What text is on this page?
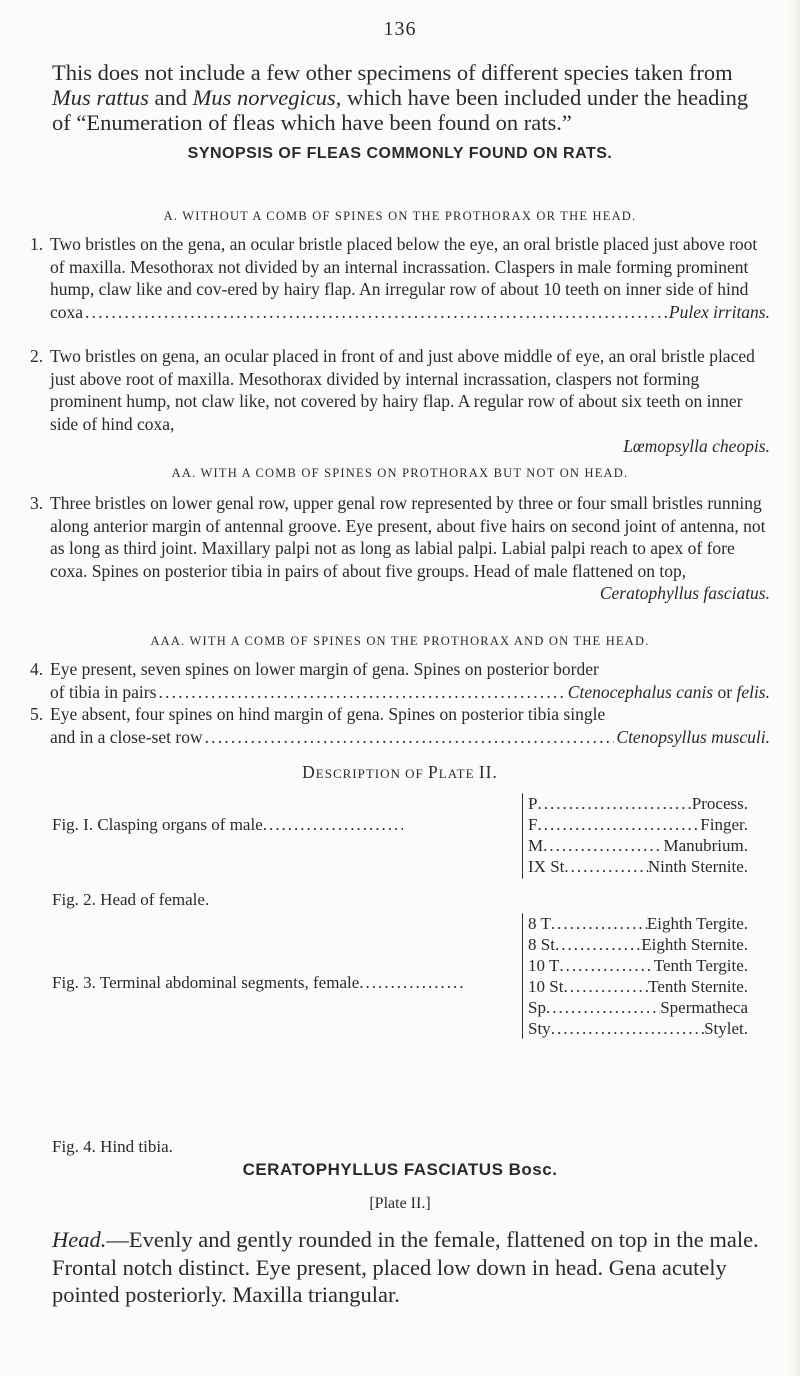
136

This does not include a few other specimens of different species taken from Mus rattus and Mus norvegicus, which have been included under the heading of “Enumeration of fleas which have been found on rats.”

SYNOPSIS OF FLEAS COMMONLY FOUND ON RATS.
A. WITHOUT A COMB OF SPINES ON THE PROTHORAX OR THE HEAD.
1. Two bristles on the gena, an ocular bristle placed below the eye, an oral bristle placed just above root of maxilla. Mesothorax not divided by an internal incrassation. Claspers in male forming prominent hump, claw like and cov-ered by hairy flap. An irregular row of about 10 teeth on inner side of hind
coxa .....	Pulex irritans.
2. Two bristles on gena, an ocular placed in front of and just above middle of eye, an oral bristle placed just above root of maxilla. Mesothorax divided by internal incrassation, claspers not forming prominent hump, not claw like, not covered by hairy flap. A regular row of about six teeth on inner side of hind coxa,
Lœmopsylla cheopis.
AA. WITH A COMB OF SPINES ON PROTHORAX BUT NOT ON HEAD.
3. Three bristles on lower genal row, upper genal row represented by three or four small bristles running along anterior margin of antennal groove. Eye present, about five hairs on second joint of antenna, not as long as third joint. Maxillary palpi not as long as labial palpi. Labial palpi reach to apex of fore coxa. Spines on posterior tibia in pairs of about five groups. Head of male flattened on top,
Ceratophyllus fasciatus.
AAA. WITH A COMB OF SPINES ON THE PROTHORAX AND ON THE HEAD.
4. Eye present, seven spines on lower margin of gena. Spines on posterior border
of tibia in pairs .....	Ctenocephalus canis or felis.
5. Eye absent, four spines on hind margin of gena. Spines on posterior tibia single
and in a close-set row .....	Ctenopsyllus musculi.
DESCRIPTION OF PLATE II.
Fig. I. Clasping organs of male.....
P .....	Process.
F .....	Finger.
M .....	Manubrium.
IX St .....	Ninth Sternite.
Fig. 2. Head of female.
Fig. 3. Terminal abdominal segments, female.....
8 T .....	Eighth Tergite.
8 St .....	Eighth Sternite.
10 T .....	Tenth Tergite.
10 St .....	Tenth Sternite.
Sp .....	Spermatheca
Sty .....	Stylet.
Fig. 4. Hind tibia.
CERATOPHYLLUS FASCIATUS Bosc.
[Plate II.]

Head.—Evenly and gently rounded in the female, flattened on top in the male. Frontal notch distinct. Eye present, placed low down in head. Gena acutely pointed posteriorly. Maxilla triangular.
